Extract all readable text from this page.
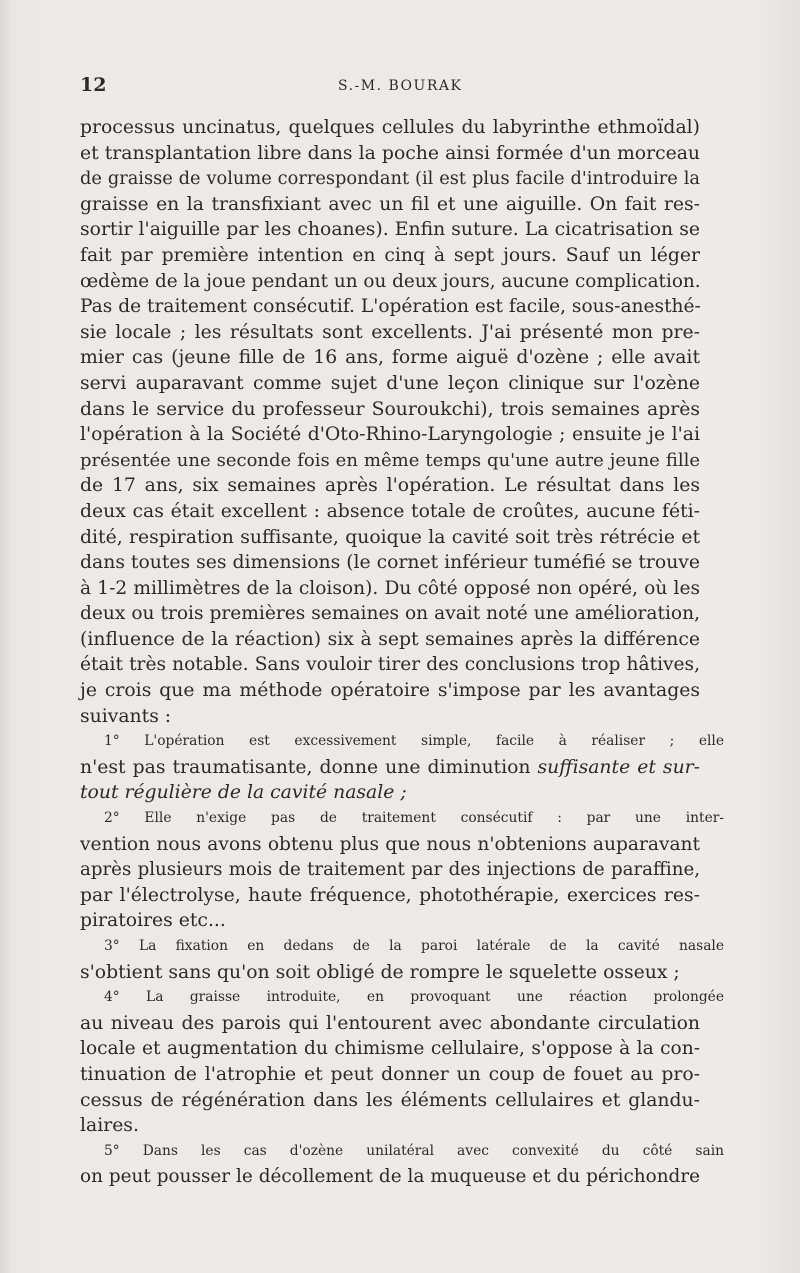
12	S.-M. BOURAK

processus uncinatus, quelques cellules du labyrinthe ethmoïdal)
et transplantation libre dans la poche ainsi formée d'un morceau
de graisse de volume correspondant (il est plus facile d'introduire la
graisse en la transfixiant avec un fil et une aiguille. On fait res-
sortir l'aiguille par les choanes). Enfin suture. La cicatrisation se
fait par première intention en cinq à sept jours. Sauf un léger
œdème de la joue pendant un ou deux jours, aucune complication.
Pas de traitement consécutif. L'opération est facile, sous-anesthé-
sie locale ; les résultats sont excellents. J'ai présenté mon pre-
mier cas (jeune fille de 16 ans, forme aiguë d'ozène ; elle avait
servi auparavant comme sujet d'une leçon clinique sur l'ozène
dans le service du professeur Souroukchi), trois semaines après
l'opération à la Société d'Oto-Rhino-Laryngologie ; ensuite je l'ai
présentée une seconde fois en même temps qu'une autre jeune fille
de 17 ans, six semaines après l'opération. Le résultat dans les
deux cas était excellent : absence totale de croûtes, aucune féti-
dité, respiration suffisante, quoique la cavité soit très rétrécie et
dans toutes ses dimensions (le cornet inférieur tuméfié se trouve
à 1-2 millimètres de la cloison). Du côté opposé non opéré, où les
deux ou trois premières semaines on avait noté une amélioration,
(influence de la réaction) six à sept semaines après la différence
était très notable. Sans vouloir tirer des conclusions trop hâtives,
je crois que ma méthode opératoire s'impose par les avantages
suivants :

1° L'opération est excessivement simple, facile à réaliser ; elle
n'est pas traumatisante, donne une diminution suffisante et sur-
tout régulière de la cavité nasale ;

2° Elle n'exige pas de traitement consécutif : par une inter-
vention nous avons obtenu plus que nous n'obtenions auparavant
après plusieurs mois de traitement par des injections de paraffine,
par l'électrolyse, haute fréquence, photothérapie, exercices res-
piratoires etc...

3° La fixation en dedans de la paroi latérale de la cavité nasale
s'obtient sans qu'on soit obligé de rompre le squelette osseux ;

4° La graisse introduite, en provoquant une réaction prolongée
au niveau des parois qui l'entourent avec abondante circulation
locale et augmentation du chimisme cellulaire, s'oppose à la con-
tinuation de l'atrophie et peut donner un coup de fouet au pro-
cessus de régénération dans les éléments cellulaires et glandu-
laires.

5° Dans les cas d'ozène unilatéral avec convexité du côté sain
on peut pousser le décollement de la muqueuse et du périchondre
